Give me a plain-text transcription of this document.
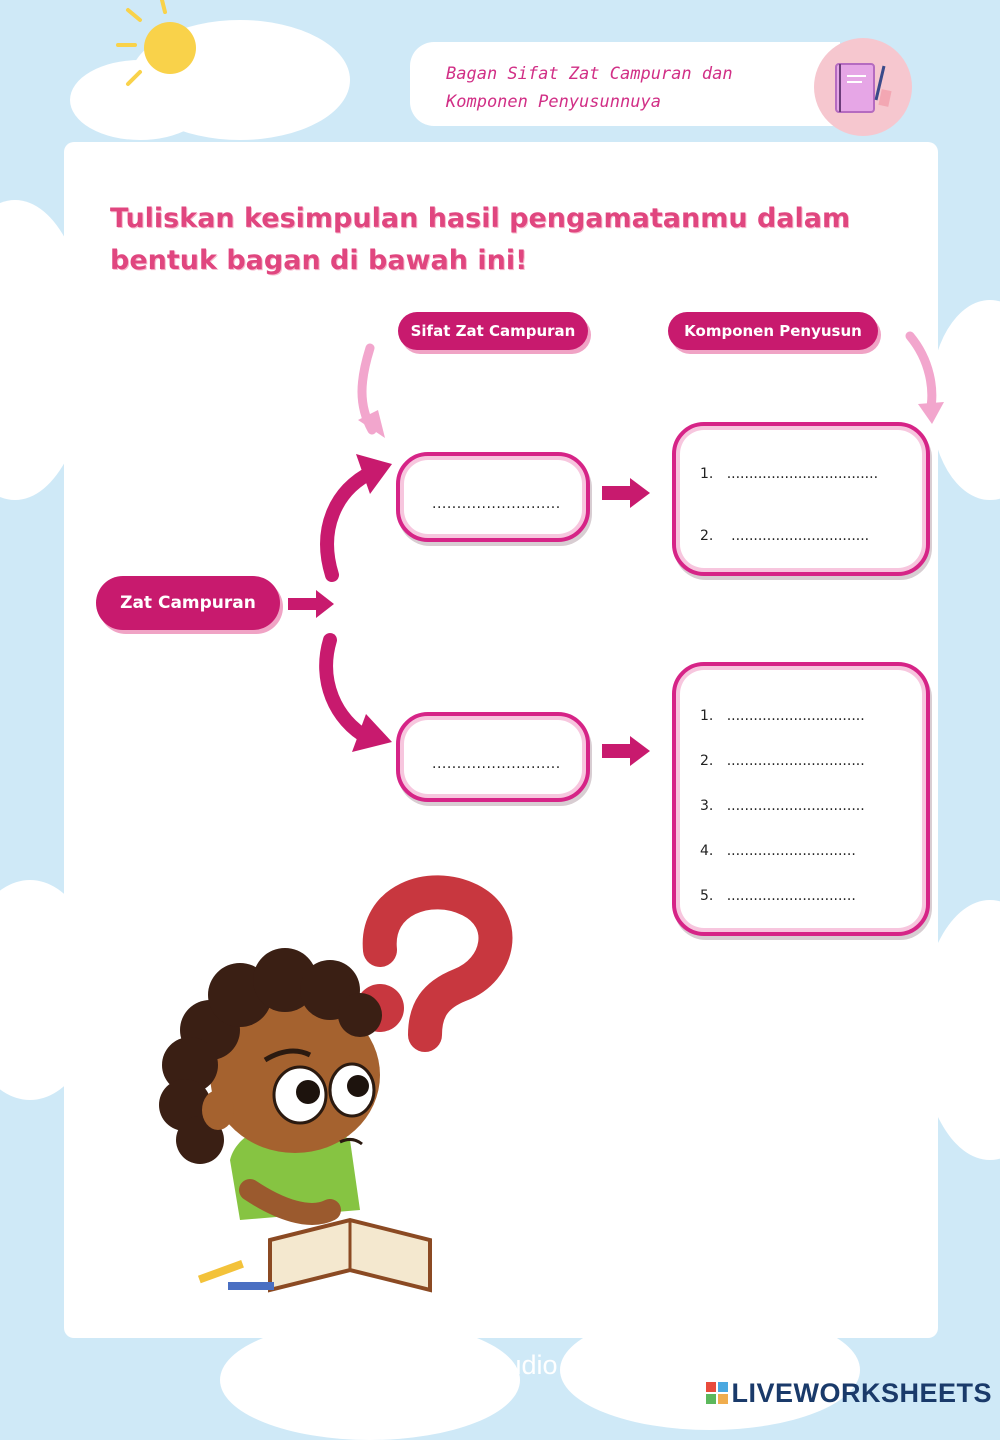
Bagan Sifat Zat Campuran dan
Komponen Penyusunnuya
Tuliskan kesimpulan hasil pengamatanmu dalam
bentuk bagan di bawah ini!
Sifat Zat Campuran	Komponen Penyusun
Zat Campuran
..........................
..........................
1.   ..................................
2.    ...............................
1.   ...............................
2.   ...............................
3.   ...............................
4.   .............................
5.   .............................
lertler.studio
LIVEWORKSHEETS
